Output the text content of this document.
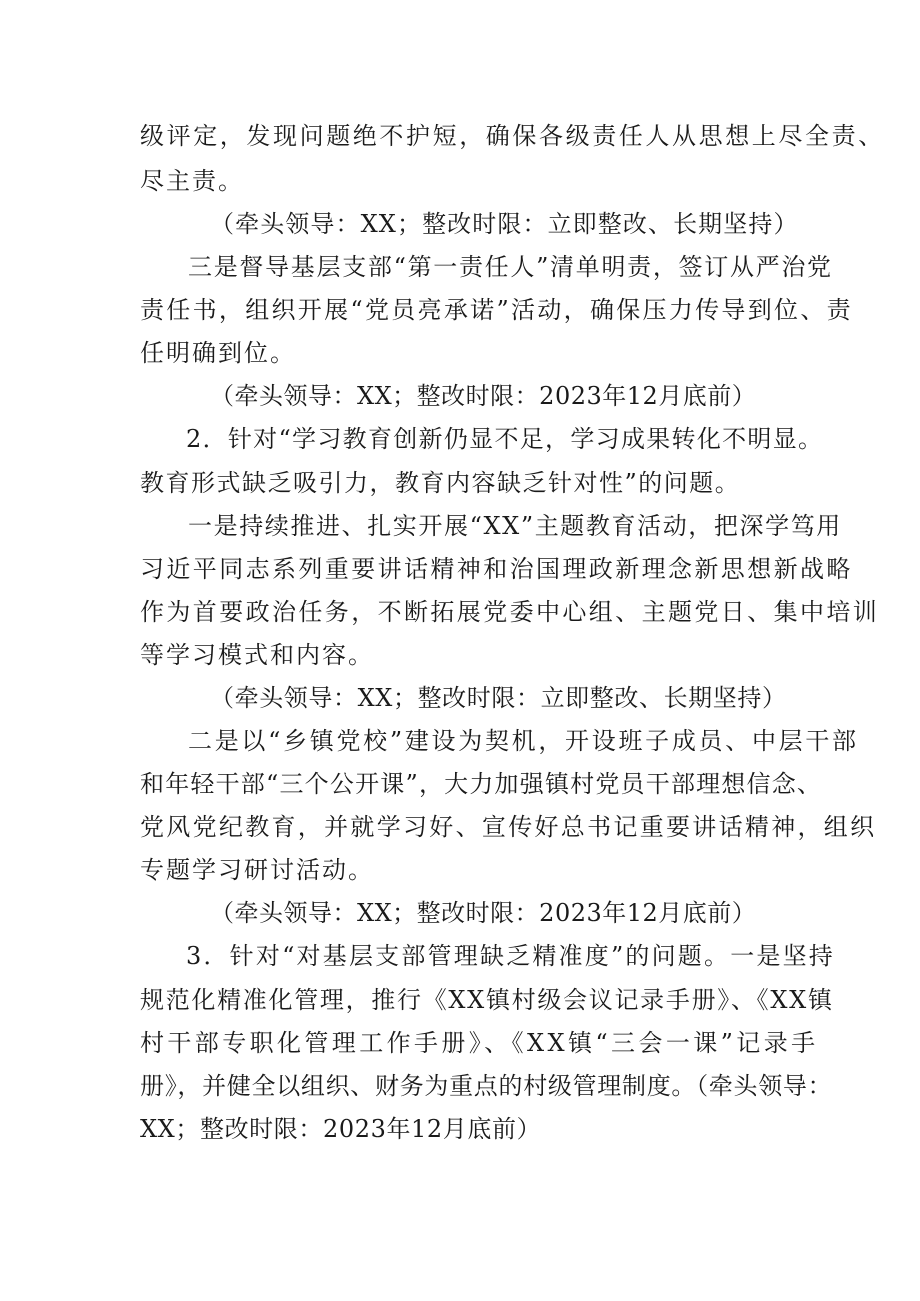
级评定，发现问题绝不护短，确保各级责任人从思想上尽全责、
尽主责。
（牵头领导：XX；整改时限：立即整改、长期坚持）
三是督导基层支部“第一责任人”清单明责，签订从严治党
责任书，组织开展“党员亮承诺”活动，确保压力传导到位、责
任明确到位。
（牵头领导：XX；整改时限：2023年12月底前）
2．针对“学习教育创新仍显不足，学习成果转化不明显。
教育形式缺乏吸引力，教育内容缺乏针对性”的问题。
一是持续推进、扎实开展“XX”主题教育活动，把深学笃用
习近平同志系列重要讲话精神和治国理政新理念新思想新战略
作为首要政治任务，不断拓展党委中心组、主题党日、集中培训
等学习模式和内容。
（牵头领导：XX；整改时限：立即整改、长期坚持）
二是以“乡镇党校”建设为契机，开设班子成员、中层干部
和年轻干部“三个公开课”，大力加强镇村党员干部理想信念、
党风党纪教育，并就学习好、宣传好总书记重要讲话精神，组织
专题学习研讨活动。
（牵头领导：XX；整改时限：2023年12月底前）
3．针对“对基层支部管理缺乏精准度”的问题。一是坚持
规范化精准化管理，推行《XX镇村级会议记录手册》、《XX镇
村干部专职化管理工作手册》、《XX镇“三会一课”记录手
册》，并健全以组织、财务为重点的村级管理制度。（牵头领导：
XX；整改时限：2023年12月底前）
